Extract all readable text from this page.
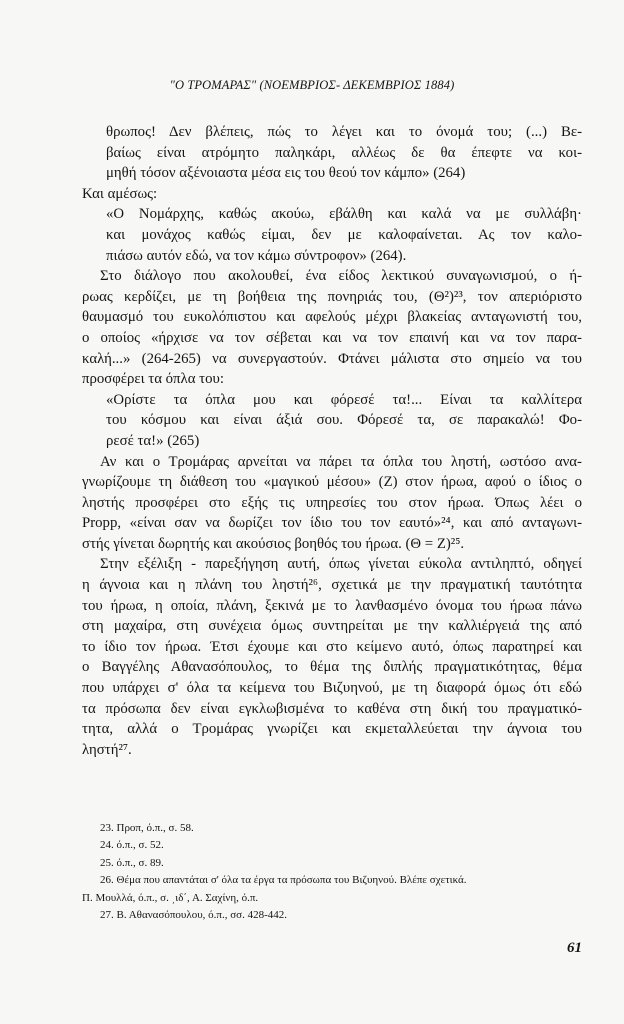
"Ο ΤΡΟΜΑΡΑΣ" (ΝΟΕΜΒΡΙΟΣ- ΔΕΚΕΜΒΡΙΟΣ 1884)
θρωπος! Δεν βλέπεις, πώς το λέγει και το όνομά του; (...) Βε-
βαίως είναι ατρόμητο παληκάρι, αλλέως δε θα έπεφτε να κοι-
μηθή τόσον αξένοιαστα μέσα εις του θεού τον κάμπο» (264)
Και αμέσως:
«Ο Νομάρχης, καθώς ακούω, εβάλθη και καλά να με συλλάβη·
και μονάχος καθώς είμαι, δεν με καλοφαίνεται. Ας τον καλο-
πιάσω αυτόν εδώ, να τον κάμω σύντροφον» (264).
Στο διάλογο που ακολουθεί, ένα είδος λεκτικού συναγωνισμού, ο ή-
ρωας κερδίζει, με τη βοήθεια της πονηριάς του, (Θ²)²³, τον απεριόριστο
θαυμασμό του ευκολόπιστου και αφελούς μέχρι βλακείας ανταγωνιστή του,
ο οποίος «ήρχισε να τον σέβεται και να τον επαινή και να τον παρα-
καλή...» (264-265) να συνεργαστούν. Φτάνει μάλιστα στο σημείο να του
προσφέρει τα όπλα του:
«Ορίστε τα όπλα μου και φόρεσέ τα!... Είναι τα καλλίτερα
του κόσμου και είναι άξιά σου. Φόρεσέ τα, σε παρακαλώ! Φο-
ρεσέ τα!» (265)
Αν και ο Τρομάρας αρνείται να πάρει τα όπλα του ληστή, ωστόσο ανα-
γνωρίζουμε τη διάθεση του «μαγικού μέσου» (Ζ) στον ήρωα, αφού ο ίδιος ο
ληστής προσφέρει στο εξής τις υπηρεσίες του στον ήρωα. Όπως λέει ο
Propp, «είναι σαν να δωρίζει τον ίδιο του τον εαυτό»²⁴, και από ανταγωνι-
στής γίνεται δωρητής και ακούσιος βοηθός του ήρωα. (Θ = Ζ)²⁵.
Στην εξέλιξη - παρεξήγηση αυτή, όπως γίνεται εύκολα αντιληπτό, οδηγεί
η άγνοια και η πλάνη του ληστή²⁶, σχετικά με την πραγματική ταυτότητα
του ήρωα, η οποία, πλάνη, ξεκινά με το λανθασμένο όνομα του ήρωα πάνω
στη μαχαίρα, στη συνέχεια όμως συντηρείται με την καλλιέργειά της από
το ίδιο τον ήρωα. Έτσι έχουμε και στο κείμενο αυτό, όπως παρατηρεί και
ο Βαγγέλης Αθανασόπουλος, το θέμα της διπλής πραγματικότητας, θέμα
που υπάρχει σ' όλα τα κείμενα του Βιζυηνού, με τη διαφορά όμως ότι εδώ
τα πρόσωπα δεν είναι εγκλωβισμένα το καθένα στη δική του πραγματικό-
τητα, αλλά ο Τρομάρας γνωρίζει και εκμεταλλεύεται την άγνοια του
ληστή²⁷.
23. Προπ, ό.π., σ. 58.
24. ό.π., σ. 52.
25. ό.π., σ. 89.
26. Θέμα που απαντάται σ' όλα τα έργα τα πρόσωπα του Βιζυηνού. Βλέπε σχετικά.
Π. Μουλλά, ό.π., σ. ͵ιδ΄, Α. Σαχίνη, ό.π.
27. Β. Αθανασόπουλου, ό.π., σσ. 428-442.
61
